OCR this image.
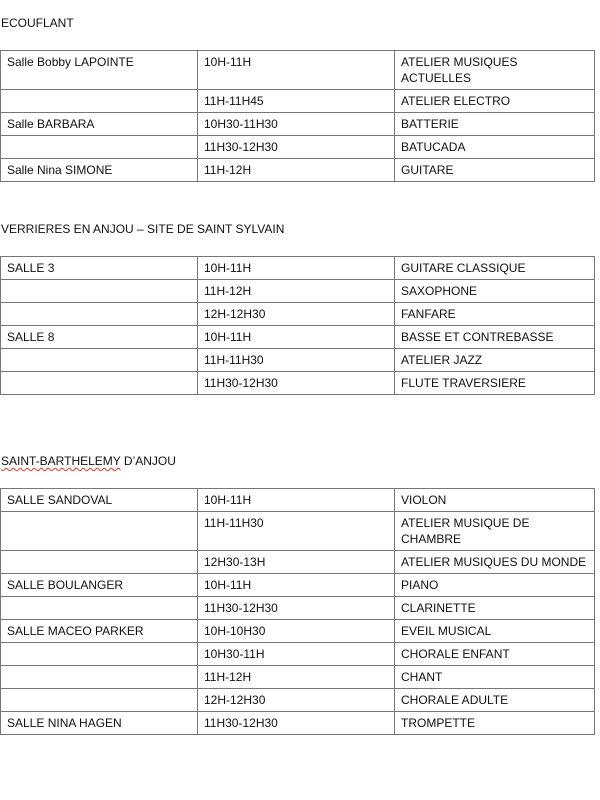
ECOUFLANT
Salle Bobby LAPOINTE	10H-11H	ATELIER MUSIQUES ACTUELLES
	11H-11H45	ATELIER ELECTRO
Salle BARBARA	10H30-11H30	BATTERIE
	11H30-12H30	BATUCADA
Salle Nina SIMONE	11H-12H	GUITARE
VERRIERES EN ANJOU – SITE DE SAINT SYLVAIN
SALLE 3	10H-11H	GUITARE CLASSIQUE
	11H-12H	SAXOPHONE
	12H-12H30	FANFARE
SALLE 8	10H-11H	BASSE ET CONTREBASSE
	11H-11H30	ATELIER JAZZ
	11H30-12H30	FLUTE TRAVERSIERE
SAINT-BARTHELEMY D’ANJOU
SALLE SANDOVAL	10H-11H	VIOLON
	11H-11H30	ATELIER MUSIQUE DE CHAMBRE
	12H30-13H	ATELIER MUSIQUES DU MONDE
SALLE BOULANGER	10H-11H	PIANO
	11H30-12H30	CLARINETTE
SALLE MACEO PARKER	10H-10H30	EVEIL MUSICAL
	10H30-11H	CHORALE ENFANT
	11H-12H	CHANT
	12H-12H30	CHORALE ADULTE
SALLE NINA HAGEN	11H30-12H30	TROMPETTE
